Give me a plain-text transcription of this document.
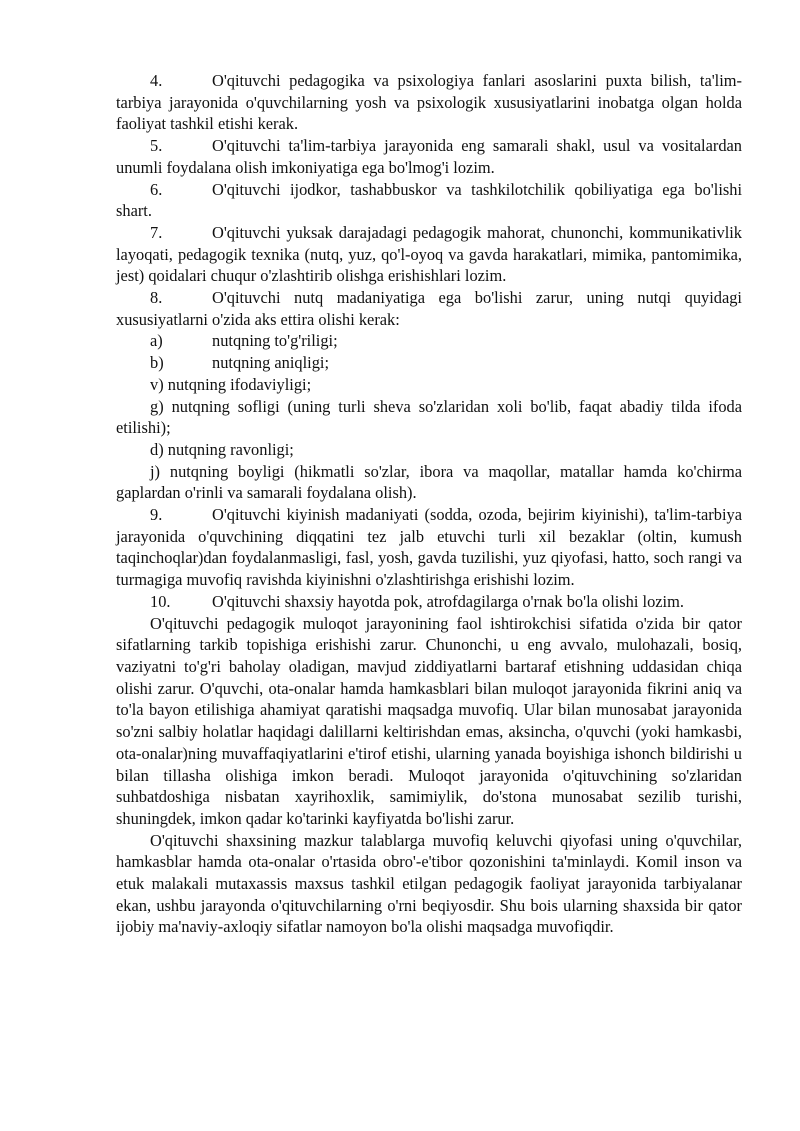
4.	O'qituvchi pedagogika va psixologiya fanlari asoslarini puxta bilish, ta'lim-tarbiya jarayonida o'quvchilarning yosh va psixologik xususiyatlarini inobatga olgan holda faoliyat tashkil etishi kerak.

5.	O'qituvchi ta'lim-tarbiya jarayonida eng samarali shakl, usul va vositalardan unumli foydalana olish imkoniyatiga ega bo'lmog'i lozim.

6.	O'qituvchi ijodkor, tashabbuskor va tashkilotchilik qobiliyatiga ega bo'lishi shart.

7.	O'qituvchi yuksak darajadagi pedagogik mahorat, chunonchi, kommunikativlik layoqati, pedagogik texnika (nutq, yuz, qo'l-oyoq va gavda harakatlari, mimika, pantomimika, jest) qoidalari chuqur o'zlashtirib olishga erishishlari lozim.

8.	O'qituvchi nutq madaniyatiga ega bo'lishi zarur, uning nutqi quyidagi xususiyatlarni o'zida aks ettira olishi kerak:

a)	nutqning to'g'riligi;

b)	nutqning aniqligi;

v) nutqning ifodaviyligi;

g) nutqning sofligi (uning turli sheva so'zlaridan xoli bo'lib, faqat abadiy tilda ifoda etilishi);

d) nutqning ravonligi;

j) nutqning boyligi (hikmatli so'zlar, ibora va maqollar, matallar hamda ko'chirma gaplardan o'rinli va samarali foydalana olish).

9.	O'qituvchi kiyinish madaniyati (sodda, ozoda, bejirim kiyinishi), ta'lim-tarbiya jarayonida o'quvchining diqqatini tez jalb etuvchi turli xil bezaklar (oltin, kumush taqinchoqlar)dan foydalanmasligi, fasl, yosh, gavda tuzilishi, yuz qiyofasi, hatto, soch rangi va turmagiga muvofiq ravishda kiyinishni o'zlashtirishga erishishi lozim.

10.	O'qituvchi shaxsiy hayotda pok, atrofdagilarga o'rnak bo'la olishi lozim.

O'qituvchi pedagogik muloqot jarayonining faol ishtirokchisi sifatida o'zida bir qator sifatlarning tarkib topishiga erishishi zarur. Chunonchi, u eng avvalo, mulohazali, bosiq, vaziyatni to'g'ri baholay oladigan, mavjud ziddiyatlarni bartaraf etishning uddasidan chiqa olishi zarur. O'quvchi, ota-onalar hamda hamkasblari bilan muloqot jarayonida fikrini aniq va to'la bayon etilishiga ahamiyat qaratishi maqsadga muvofiq. Ular bilan munosabat jarayonida so'zni salbiy holatlar haqidagi dalillarni keltirishdan emas, aksincha, o'quvchi (yoki hamkasbi, ota-onalar)ning muvaffaqiyatlarini e'tirof etishi, ularning yanada boyishiga ishonch bildirishi u bilan tillasha olishiga imkon beradi. Muloqot jarayonida o'qituvchining so'zlaridan suhbatdoshiga nisbatan xayrihoxlik, samimiylik, do'stona munosabat sezilib turishi, shuningdek, imkon qadar ko'tarinki kayfiyatda bo'lishi zarur.

O'qituvchi shaxsining mazkur talablarga muvofiq keluvchi qiyofasi uning o'quvchilar, hamkasblar hamda ota-onalar o'rtasida obro'-e'tibor qozonishini ta'minlaydi. Komil inson va etuk malakali mutaxassis maxsus tashkil etilgan pedagogik faoliyat jarayonida tarbiyalanar ekan, ushbu jarayonda o'qituvchilarning o'rni beqiyosdir. Shu bois ularning shaxsida bir qator ijobiy ma'naviy-axloqiy sifatlar namoyon bo'la olishi maqsadga muvofiqdir.
